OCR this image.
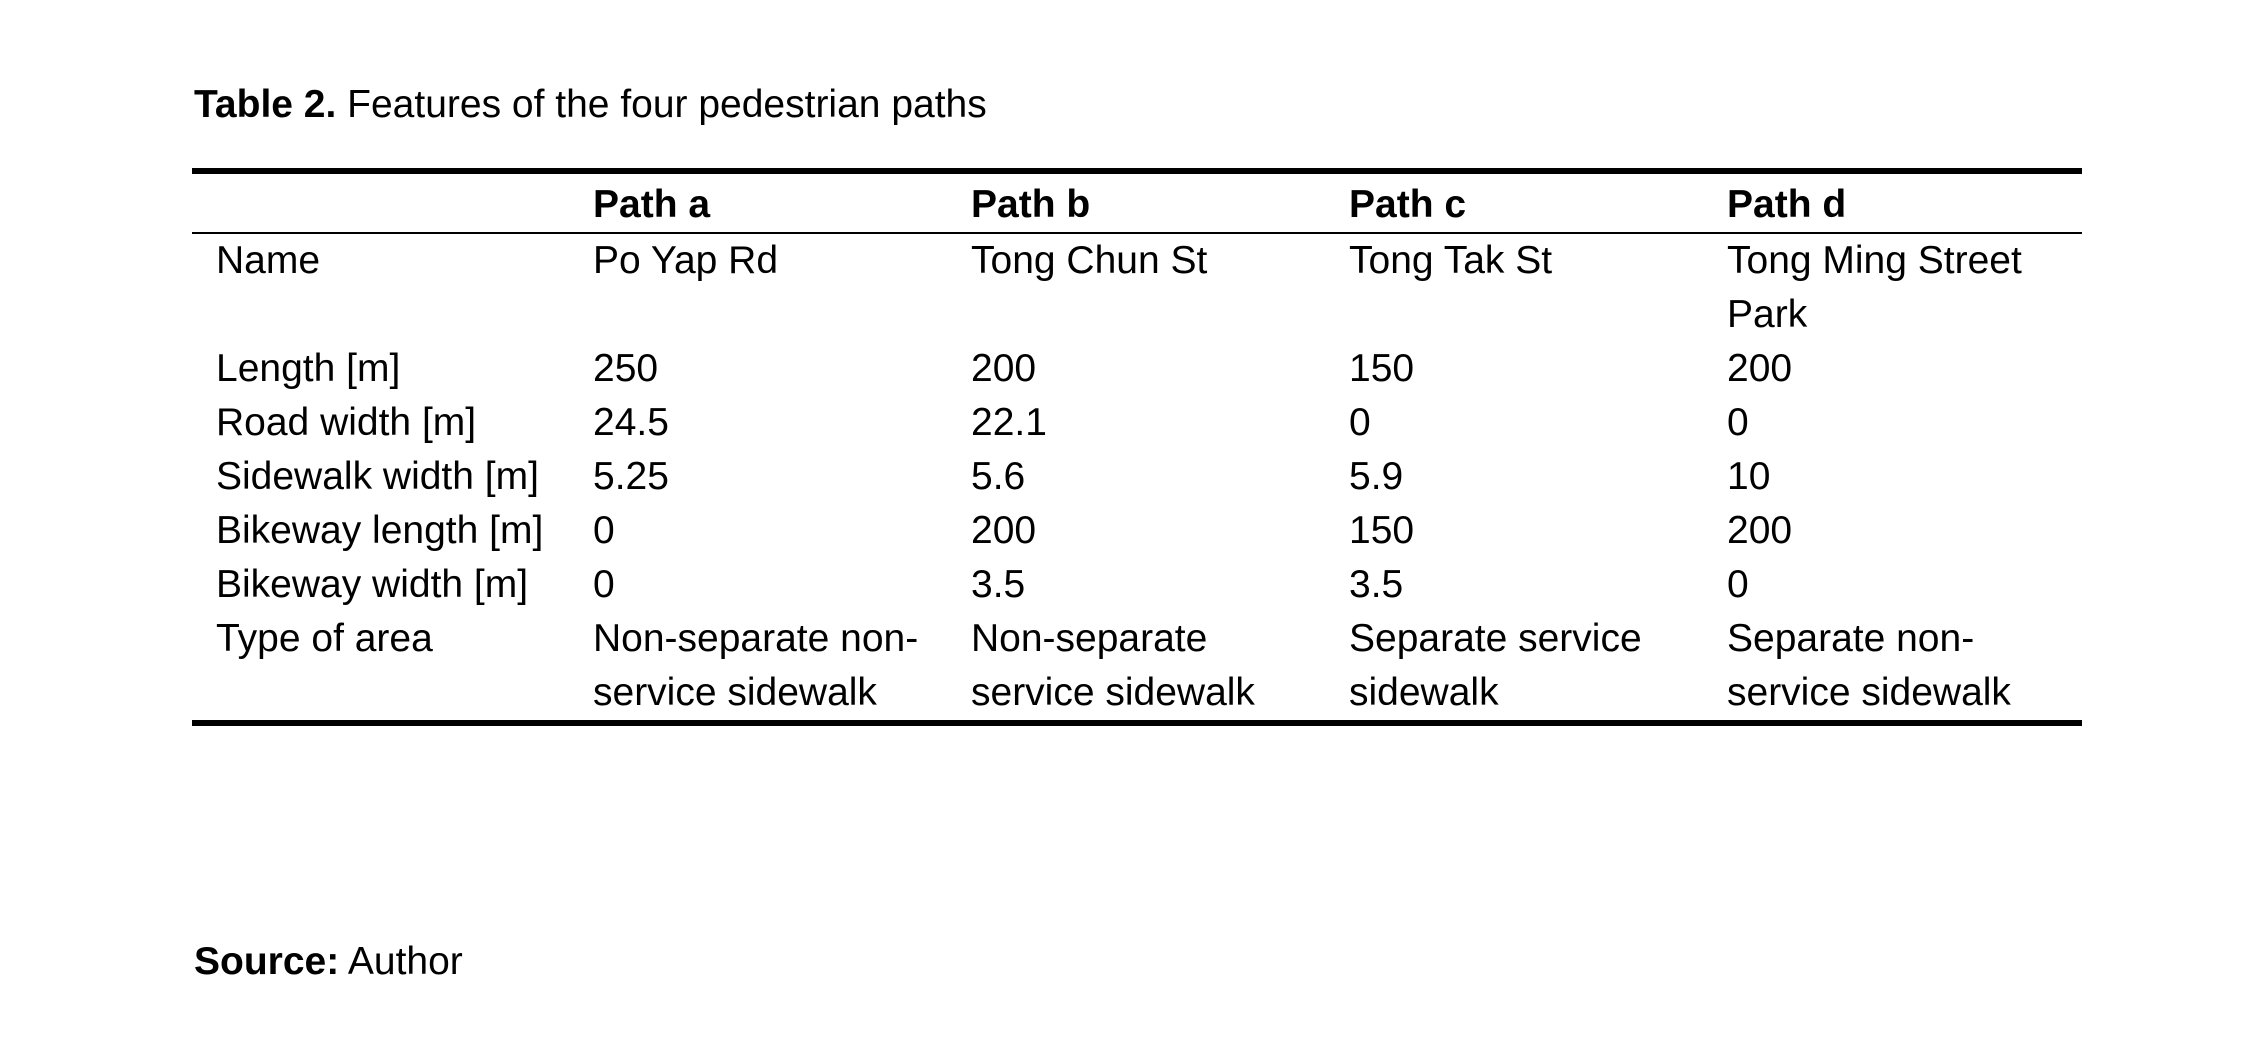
Table 2. Features of the four pedestrian paths
	Path a	Path b	Path c	Path d
Name	Po Yap Rd	Tong Chun St	Tong Tak St	Tong Ming Street Park
Length [m]	250	200	150	200
Road width [m]	24.5	22.1	0	0
Sidewalk width [m]	5.25	5.6	5.9	10
Bikeway length [m]	0	200	150	200
Bikeway width [m]	0	3.5	3.5	0
Type of area	Non-separate non-service sidewalk	Non-separate service sidewalk	Separate service sidewalk	Separate non-service sidewalk
Source: Author
